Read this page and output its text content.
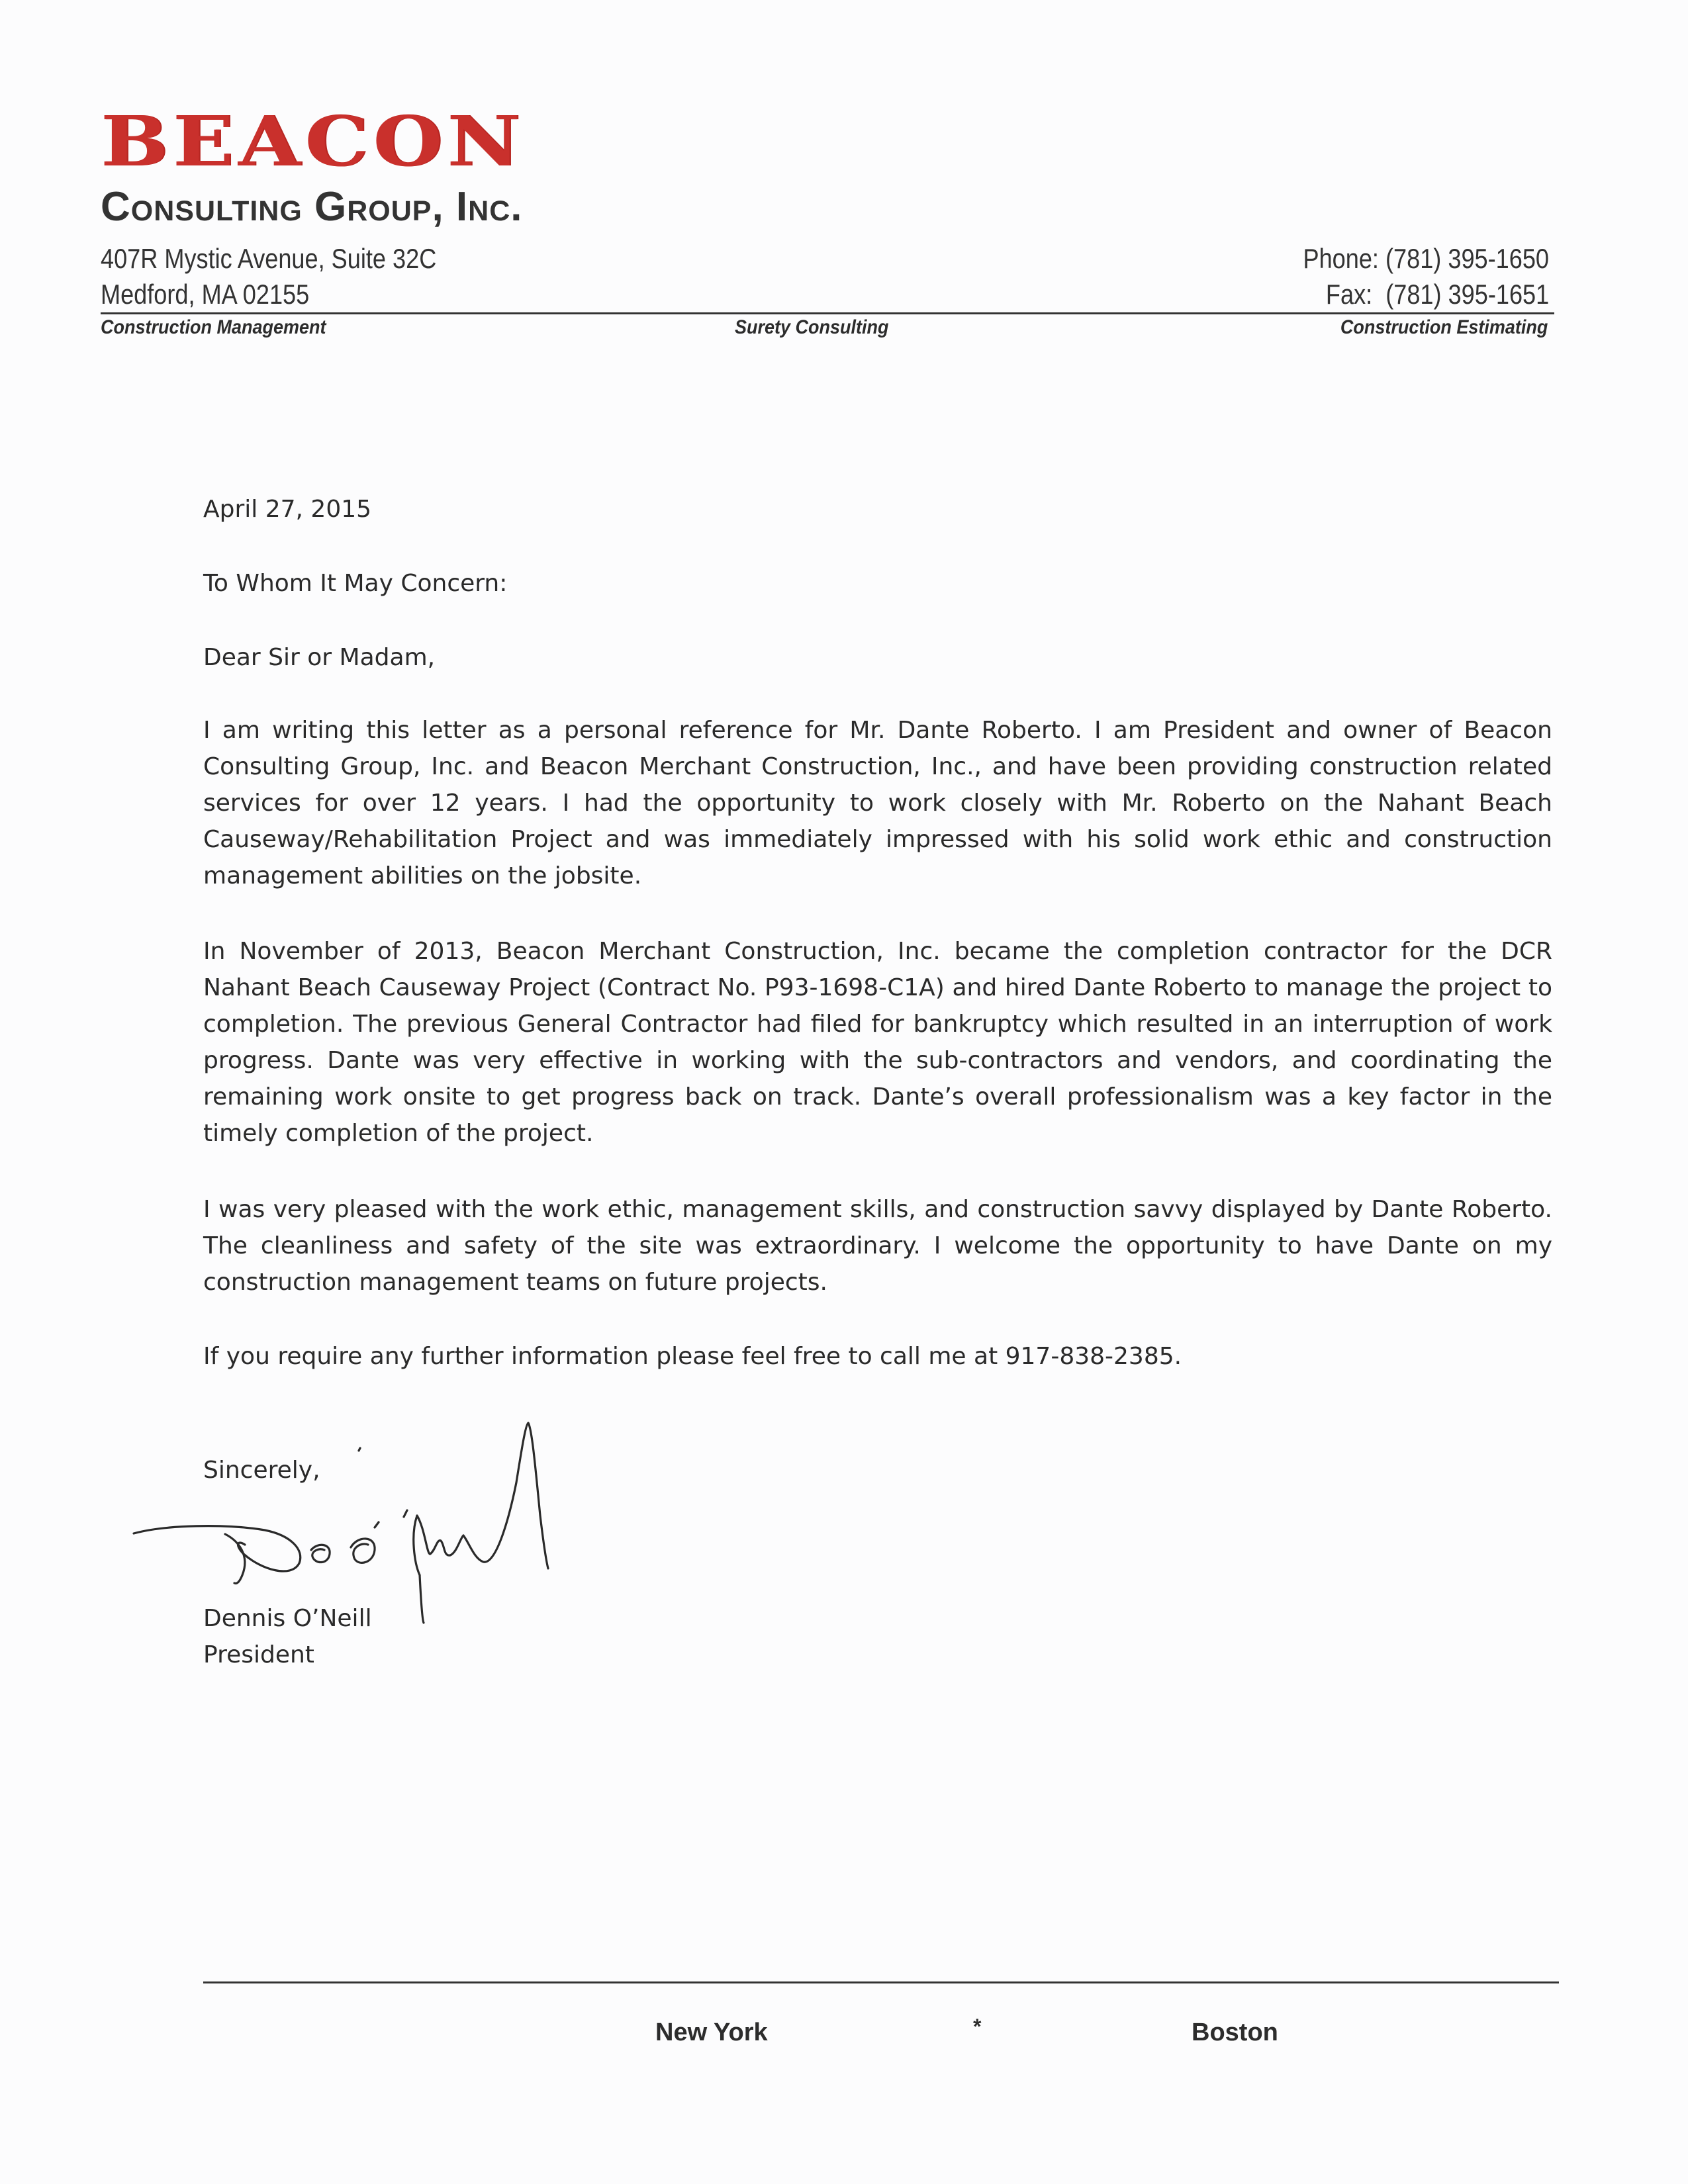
BEACON
Consulting Group, Inc.
407R Mystic Avenue, Suite 32C
Medford, MA 02155
Phone: (781) 395-1650
Fax:  (781) 395-1651
Construction Management	Surety Consulting	Construction Estimating
April 27, 2015
To Whom It May Concern:
Dear Sir or Madam,
I am writing this letter as a personal reference for Mr. Dante Roberto. I am President and owner of Beacon Consulting Group, Inc. and Beacon Merchant Construction, Inc., and have been providing construction related services for over 12 years. I had the opportunity to work closely with Mr. Roberto on the Nahant Beach Causeway/Rehabilitation Project and was immediately impressed with his solid work ethic and construction management abilities on the jobsite.
In November of 2013, Beacon Merchant Construction, Inc. became the completion contractor for the DCR Nahant Beach Causeway Project (Contract No. P93-1698-C1A) and hired Dante Roberto to manage the project to completion. The previous General Contractor had filed for bankruptcy which resulted in an interruption of work progress. Dante was very effective in working with the sub-contractors and vendors, and coordinating the remaining work onsite to get progress back on track. Dante’s overall professionalism was a key factor in the timely completion of the project.
I was very pleased with the work ethic, management skills, and construction savvy displayed by Dante Roberto. The cleanliness and safety of the site was extraordinary. I welcome the opportunity to have Dante on my construction management teams on future projects.
If you require any further information please feel free to call me at 917-838-2385.
Sincerely,
Dennis O’Neill
President
New York	*	Boston
